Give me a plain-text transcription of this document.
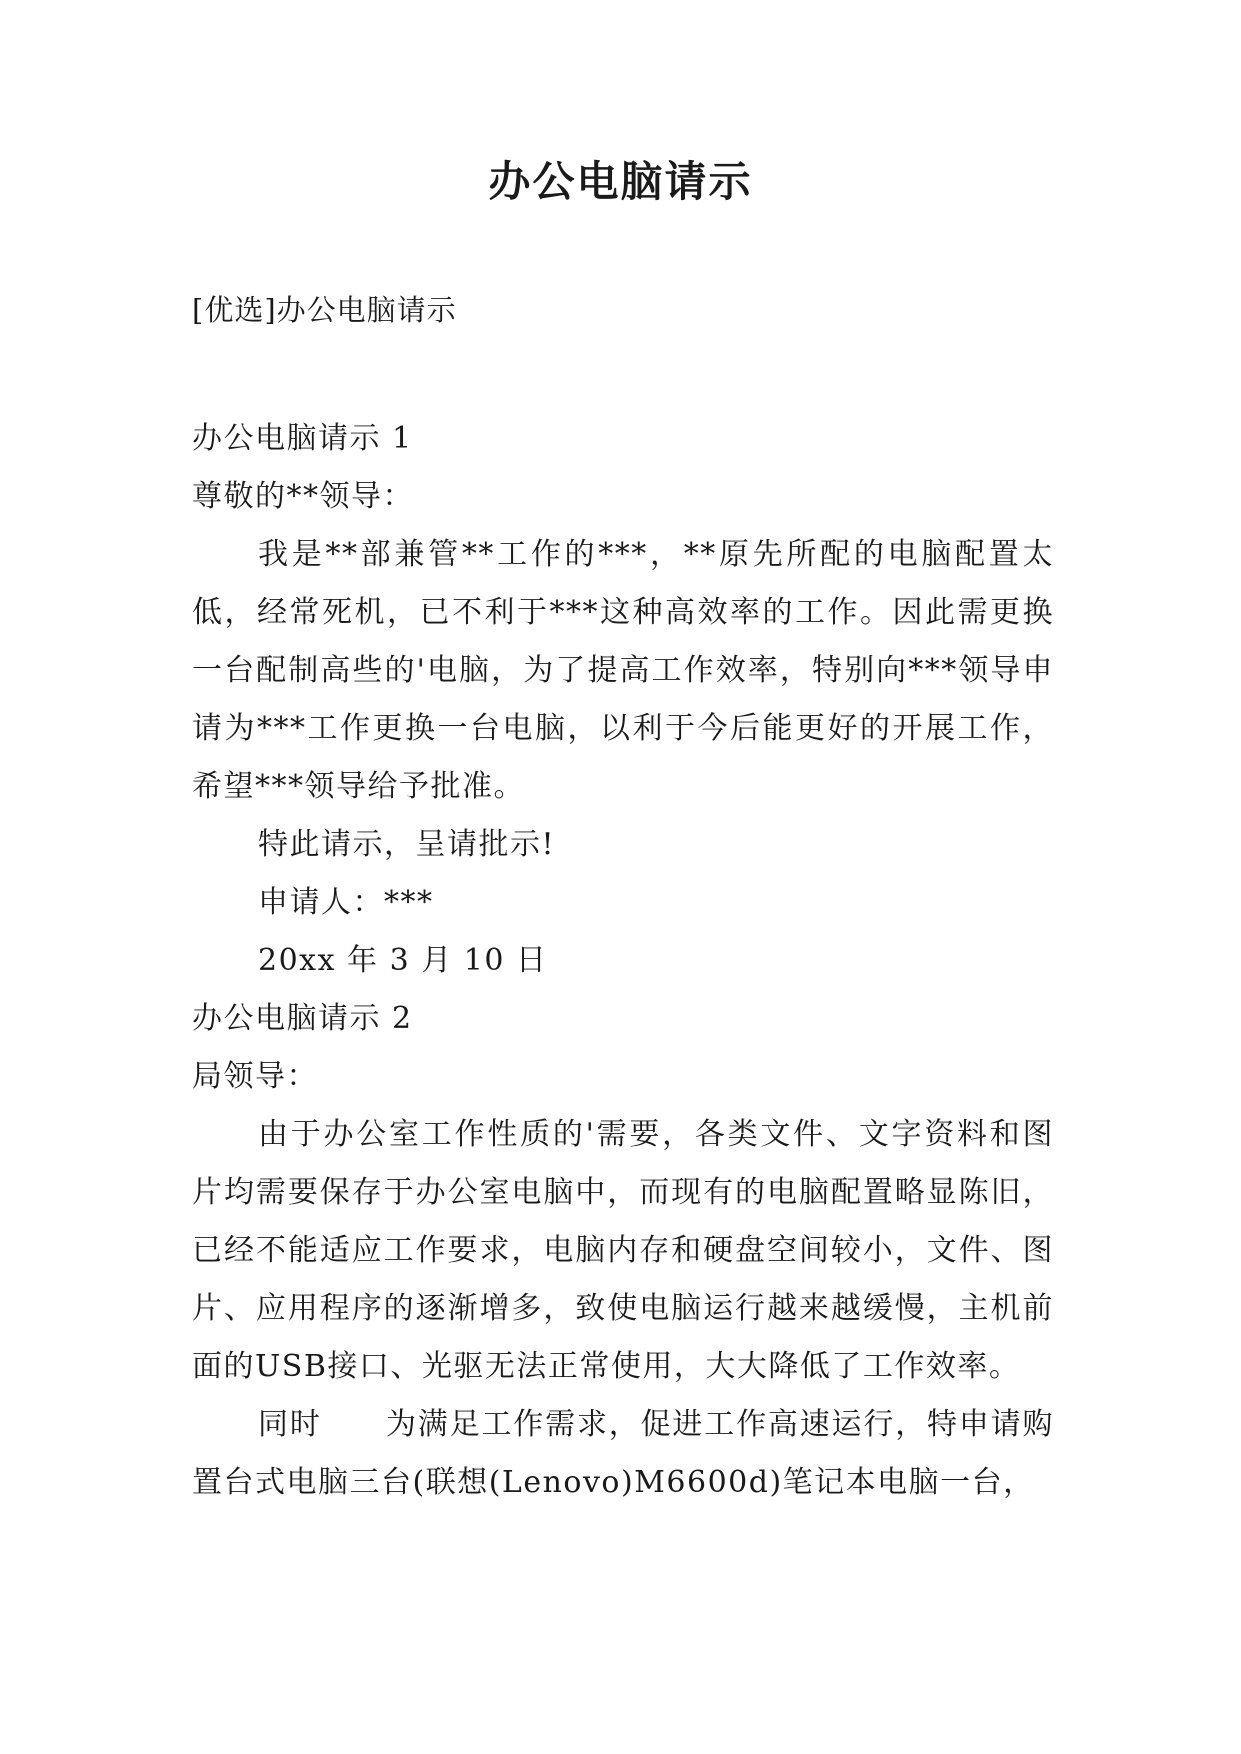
办公电脑请示

[优选]办公电脑请示

办公电脑请示 1

尊敬的**领导：

我是**部兼管**工作的***，**原先所配的电脑配置太低，经常死机，已不利于***这种高效率的工作。因此需更换一台配制高些的'电脑，为了提高工作效率，特别向***领导申请为***工作更换一台电脑，以利于今后能更好的开展工作，希望***领导给予批准。

特此请示，呈请批示!

申请人：***

20xx 年 3 月 10 日

办公电脑请示 2

局领导：

由于办公室工作性质的'需要，各类文件、文字资料和图片均需要保存于办公室电脑中，而现有的电脑配置略显陈旧，已经不能适应工作要求，电脑内存和硬盘空间较小，文件、图片、应用程序的逐渐增多，致使电脑运行越来越缓慢，主机前面的USB接口、光驱无法正常使用，大大降低了工作效率。

同时 为满足工作需求，促进工作高速运行，特申请购置台式电脑三台(联想(Lenovo)M6600d)笔记本电脑一台，
